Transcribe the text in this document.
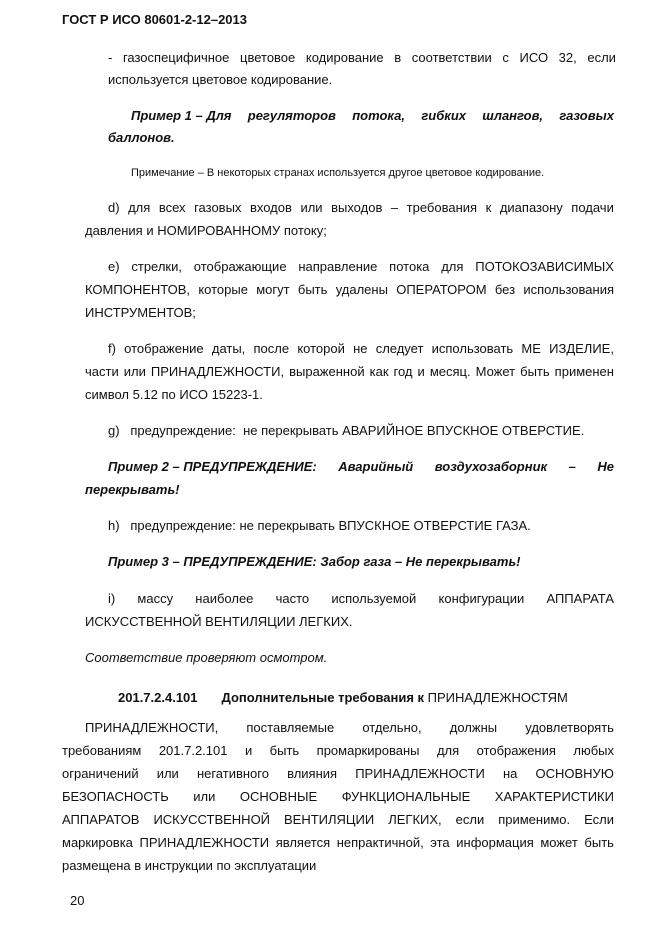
ГОСТ Р ИСО 80601-2-12–2013
- газоспецифичное цветовое кодирование в соответствии с ИСО 32, если
используется цветовое кодирование.
Пример 1 – Для регуляторов потока, гибких шлангов, газовых
баллонов.
Примечание – В некоторых странах используется другое цветовое кодирование.
d) для всех газовых входов или выходов – требования к диапазону подачи
давления и НОМИРОВАННОМУ потоку;
e) стрелки, отображающие направление потока для ПОТОКОЗАВИСИМЫХ
КОМПОНЕНТОВ, которые могут быть удалены ОПЕРАТОРОМ без использования
ИНСТРУМЕНТОВ;
f) отображение даты, после которой не следует использовать МЕ ИЗДЕЛИЕ,
части или ПРИНАДЛЕЖНОСТИ, выраженной как год и месяц. Может быть применен
символ 5.12 по ИСО 15223-1.
g)   предупреждение:  не перекрывать АВАРИЙНОЕ ВПУСКНОЕ ОТВЕРСТИЕ.
Пример 2 – ПРЕДУПРЕЖДЕНИЕ: Аварийный воздухозаборник – Не
перекрывать!
h)   предупреждение: не перекрывать ВПУСКНОЕ ОТВЕРСТИЕ ГАЗА.
Пример 3 – ПРЕДУПРЕЖДЕНИЕ: Забор газа – Не перекрывать!
i) массу наиболее часто используемой конфигурации АППАРАТА
ИСКУССТВЕННОЙ ВЕНТИЛЯЦИИ ЛЕГКИХ.
Соответствие проверяют осмотром.
201.7.2.4.101 Дополнительные требования к ПРИНАДЛЕЖНОСТЯМ
ПРИНАДЛЕЖНОСТИ, поставляемые отдельно, должны удовлетворять
требованиям 201.7.2.101 и быть промаркированы для отображения любых
ограничений или негативного влияния ПРИНАДЛЕЖНОСТИ на ОСНОВНУЮ
БЕЗОПАСНОСТЬ или ОСНОВНЫЕ ФУНКЦИОНАЛЬНЫЕ ХАРАКТЕРИСТИКИ
АППАРАТОВ ИСКУССТВЕННОЙ ВЕНТИЛЯЦИИ ЛЕГКИХ, если применимо. Если
маркировка ПРИНАДЛЕЖНОСТИ является непрактичной, эта информация может быть
размещена в инструкции по эксплуатации
20
